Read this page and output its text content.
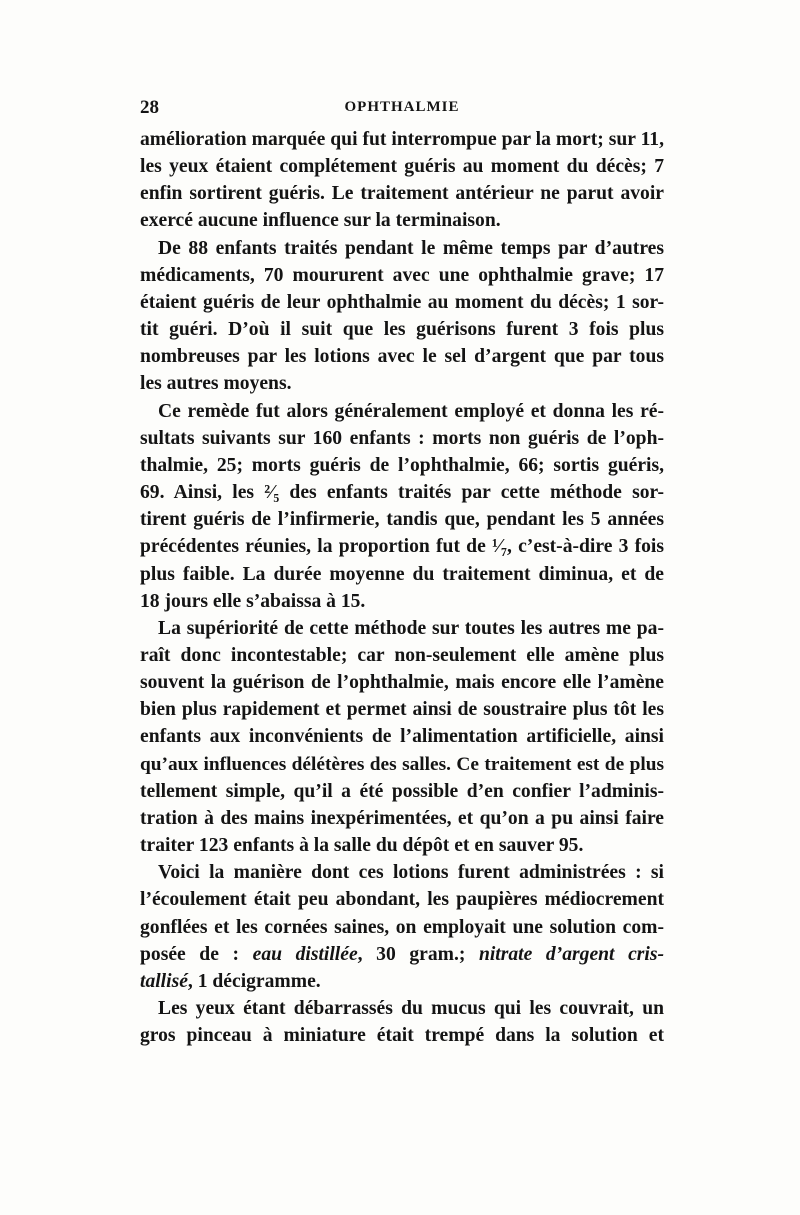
28	OPHTHALMIE
amélioration marquée qui fut interrompue par la mort; sur 11,
les yeux étaient complétement guéris au moment du décès; 7
enfin sortirent guéris. Le traitement antérieur ne parut avoir
exercé aucune influence sur la terminaison.
De 88 enfants traités pendant le même temps par d’autres
médicaments, 70 moururent avec une ophthalmie grave; 17
étaient guéris de leur ophthalmie au moment du décès; 1 sor-
tit guéri. D’où il suit que les guérisons furent 3 fois plus
nombreuses par les lotions avec le sel d’argent que par tous
les autres moyens.
Ce remède fut alors généralement employé et donna les ré-
sultats suivants sur 160 enfants : morts non guéris de l’oph-
thalmie, 25; morts guéris de l’ophthalmie, 66; sortis guéris,
69. Ainsi, les ²⁄₅ des enfants traités par cette méthode sor-
tirent guéris de l’infirmerie, tandis que, pendant les 5 années
précédentes réunies, la proportion fut de ¹⁄₇, c’est-à-dire 3 fois
plus faible. La durée moyenne du traitement diminua, et de
18 jours elle s’abaissa à 15.
La supériorité de cette méthode sur toutes les autres me pa-
raît donc incontestable; car non-seulement elle amène plus
souvent la guérison de l’ophthalmie, mais encore elle l’amène
bien plus rapidement et permet ainsi de soustraire plus tôt les
enfants aux inconvénients de l’alimentation artificielle, ainsi
qu’aux influences délétères des salles. Ce traitement est de plus
tellement simple, qu’il a été possible d’en confier l’adminis-
tration à des mains inexpérimentées, et qu’on a pu ainsi faire
traiter 123 enfants à la salle du dépôt et en sauver 95.
Voici la manière dont ces lotions furent administrées : si
l’écoulement était peu abondant, les paupières médiocrement
gonflées et les cornées saines, on employait une solution com-
posée de : eau distillée, 30 gram.; nitrate d’argent cris-
tallisé, 1 décigramme.
Les yeux étant débarrassés du mucus qui les couvrait, un
gros pinceau à miniature était trempé dans la solution et
